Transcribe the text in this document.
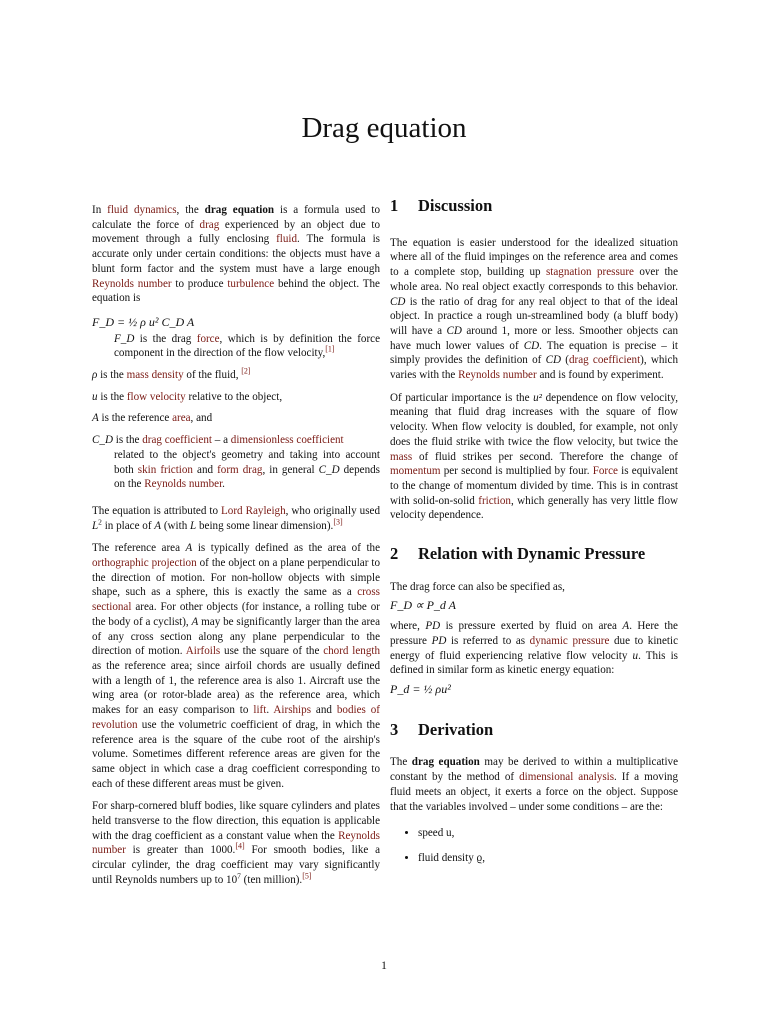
Drag equation

In fluid dynamics, the drag equation is a formula used to calculate the force of drag experienced by an object due to movement through a fully enclosing fluid. The formula is accurate only under certain conditions: the objects must have a blunt form factor and the system must have a large enough Reynolds number to produce turbulence behind the object. The equation is

F_D = ½ ρ u² C_D A
F_D is the drag force, which is by definition the force component in the direction of the flow velocity,[1]
ρ is the mass density of the fluid, [2]
u is the flow velocity relative to the object,
A is the reference area, and
C_D is the drag coefficient – a dimensionless coefficient
related to the object's geometry and taking into account both skin friction and form drag, in general C_D depends on the Reynolds number.

The equation is attributed to Lord Rayleigh, who originally used $L^2$ in place of A (with L being some linear dimension).[3]

The reference area A is typically defined as the area of the orthographic projection of the object on a plane perpendicular to the direction of motion. For non-hollow objects with simple shape, such as a sphere, this is exactly the same as a cross sectional area. For other objects (for instance, a rolling tube or the body of a cyclist), A may be significantly larger than the area of any cross section along any plane perpendicular to the direction of motion. Airfoils use the square of the chord length as the reference area; since airfoil chords are usually defined with a length of 1, the reference area is also 1. Aircraft use the wing area (or rotor-blade area) as the reference area, which makes for an easy comparison to lift. Airships and bodies of revolution use the volumetric coefficient of drag, in which the reference area is the square of the cube root of the airship's volume. Sometimes different reference areas are given for the same object in which case a drag coefficient corresponding to each of these different areas must be given.

For sharp-cornered bluff bodies, like square cylinders and plates held transverse to the flow direction, this equation is applicable with the drag coefficient as a constant value when the Reynolds number is greater than 1000.[4] For smooth bodies, like a circular cylinder, the drag coefficient may vary significantly until Reynolds numbers up to $10^7$ (ten million).[5]

1 Discussion

The equation is easier understood for the idealized situation where all of the fluid impinges on the reference area and comes to a complete stop, building up stagnation pressure over the whole area. No real object exactly corresponds to this behavior. CD is the ratio of drag for any real object to that of the ideal object. In practice a rough un-streamlined body (a bluff body) will have a CD around 1, more or less. Smoother objects can have much lower values of CD. The equation is precise – it simply provides the definition of CD (drag coefficient), which varies with the Reynolds number and is found by experiment.

Of particular importance is the u² dependence on flow velocity, meaning that fluid drag increases with the square of flow velocity. When flow velocity is doubled, for example, not only does the fluid strike with twice the flow velocity, but twice the mass of fluid strikes per second. Therefore the change of momentum per second is multiplied by four. Force is equivalent to the change of momentum divided by time. This is in contrast with solid-on-solid friction, which generally has very little flow velocity dependence.

2 Relation with Dynamic Pressure

The drag force can also be specified as,

F_D ∝ P_d A

where, PD is pressure exerted by fluid on area A. Here the pressure PD is referred to as dynamic pressure due to kinetic energy of fluid experiencing relative flow velocity u. This is defined in similar form as kinetic energy equation:

P_d = ½ ρu²
3 Derivation

The drag equation may be derived to within a multiplicative constant by the method of dimensional analysis. If a moving fluid meets an object, it exerts a force on the object. Suppose that the variables involved – under some conditions – are the:

• speed u,
• fluid density ϱ,
1
